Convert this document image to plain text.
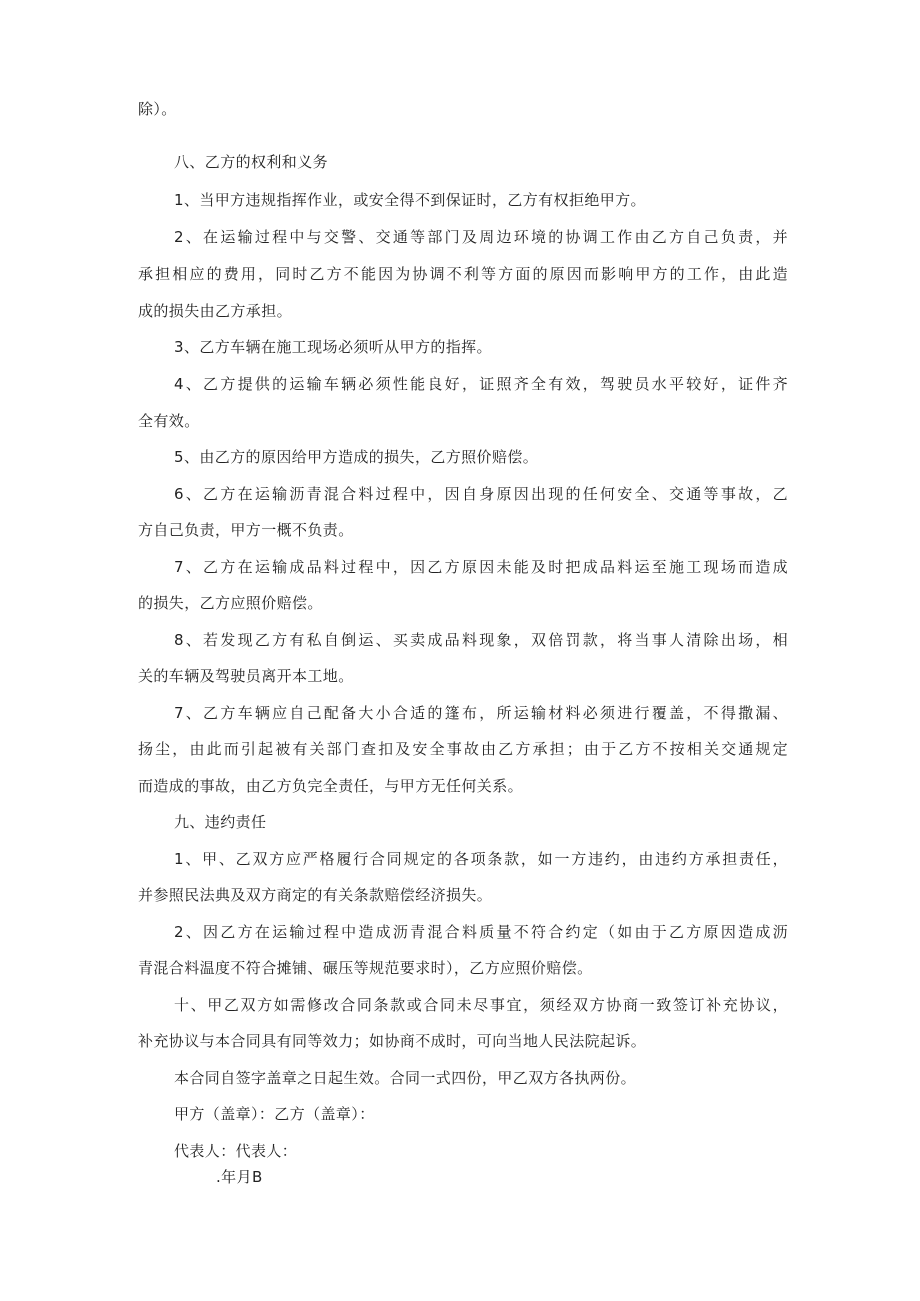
除）。
八、乙方的权利和义务
1、当甲方违规指挥作业，或安全得不到保证时，乙方有权拒绝甲方。
2、在运输过程中与交警、交通等部门及周边环境的协调工作由乙方自己负责，并
承担相应的费用，同时乙方不能因为协调不利等方面的原因而影响甲方的工作，由此造
成的损失由乙方承担。
3、乙方车辆在施工现场必须听从甲方的指挥。
4、乙方提供的运输车辆必须性能良好，证照齐全有效，驾驶员水平较好，证件齐
全有效。
5、由乙方的原因给甲方造成的损失，乙方照价赔偿。
6、乙方在运输沥青混合料过程中，因自身原因出现的任何安全、交通等事故，乙
方自己负责，甲方一概不负责。
7、乙方在运输成品料过程中，因乙方原因未能及时把成品料运至施工现场而造成
的损失，乙方应照价赔偿。
8、若发现乙方有私自倒运、买卖成品料现象，双倍罚款，将当事人清除出场，相
关的车辆及驾驶员离开本工地。
7、乙方车辆应自己配备大小合适的篷布，所运输材料必须进行覆盖，不得撒漏、
扬尘，由此而引起被有关部门查扣及安全事故由乙方承担；由于乙方不按相关交通规定
而造成的事故，由乙方负完全责任，与甲方无任何关系。
九、违约责任
1、甲、乙双方应严格履行合同规定的各项条款，如一方违约，由违约方承担责任，
并参照民法典及双方商定的有关条款赔偿经济损失。
2、因乙方在运输过程中造成沥青混合料质量不符合约定（如由于乙方原因造成沥
青混合料温度不符合摊铺、碾压等规范要求时），乙方应照价赔偿。
十、甲乙双方如需修改合同条款或合同未尽事宜，须经双方协商一致签订补充协议，
补充协议与本合同具有同等效力；如协商不成时，可向当地人民法院起诉。
本合同自签字盖章之日起生效。合同一式四份，甲乙双方各执两份。
甲方（盖章）：乙方（盖章）：
代表人：代表人：
.年月B
